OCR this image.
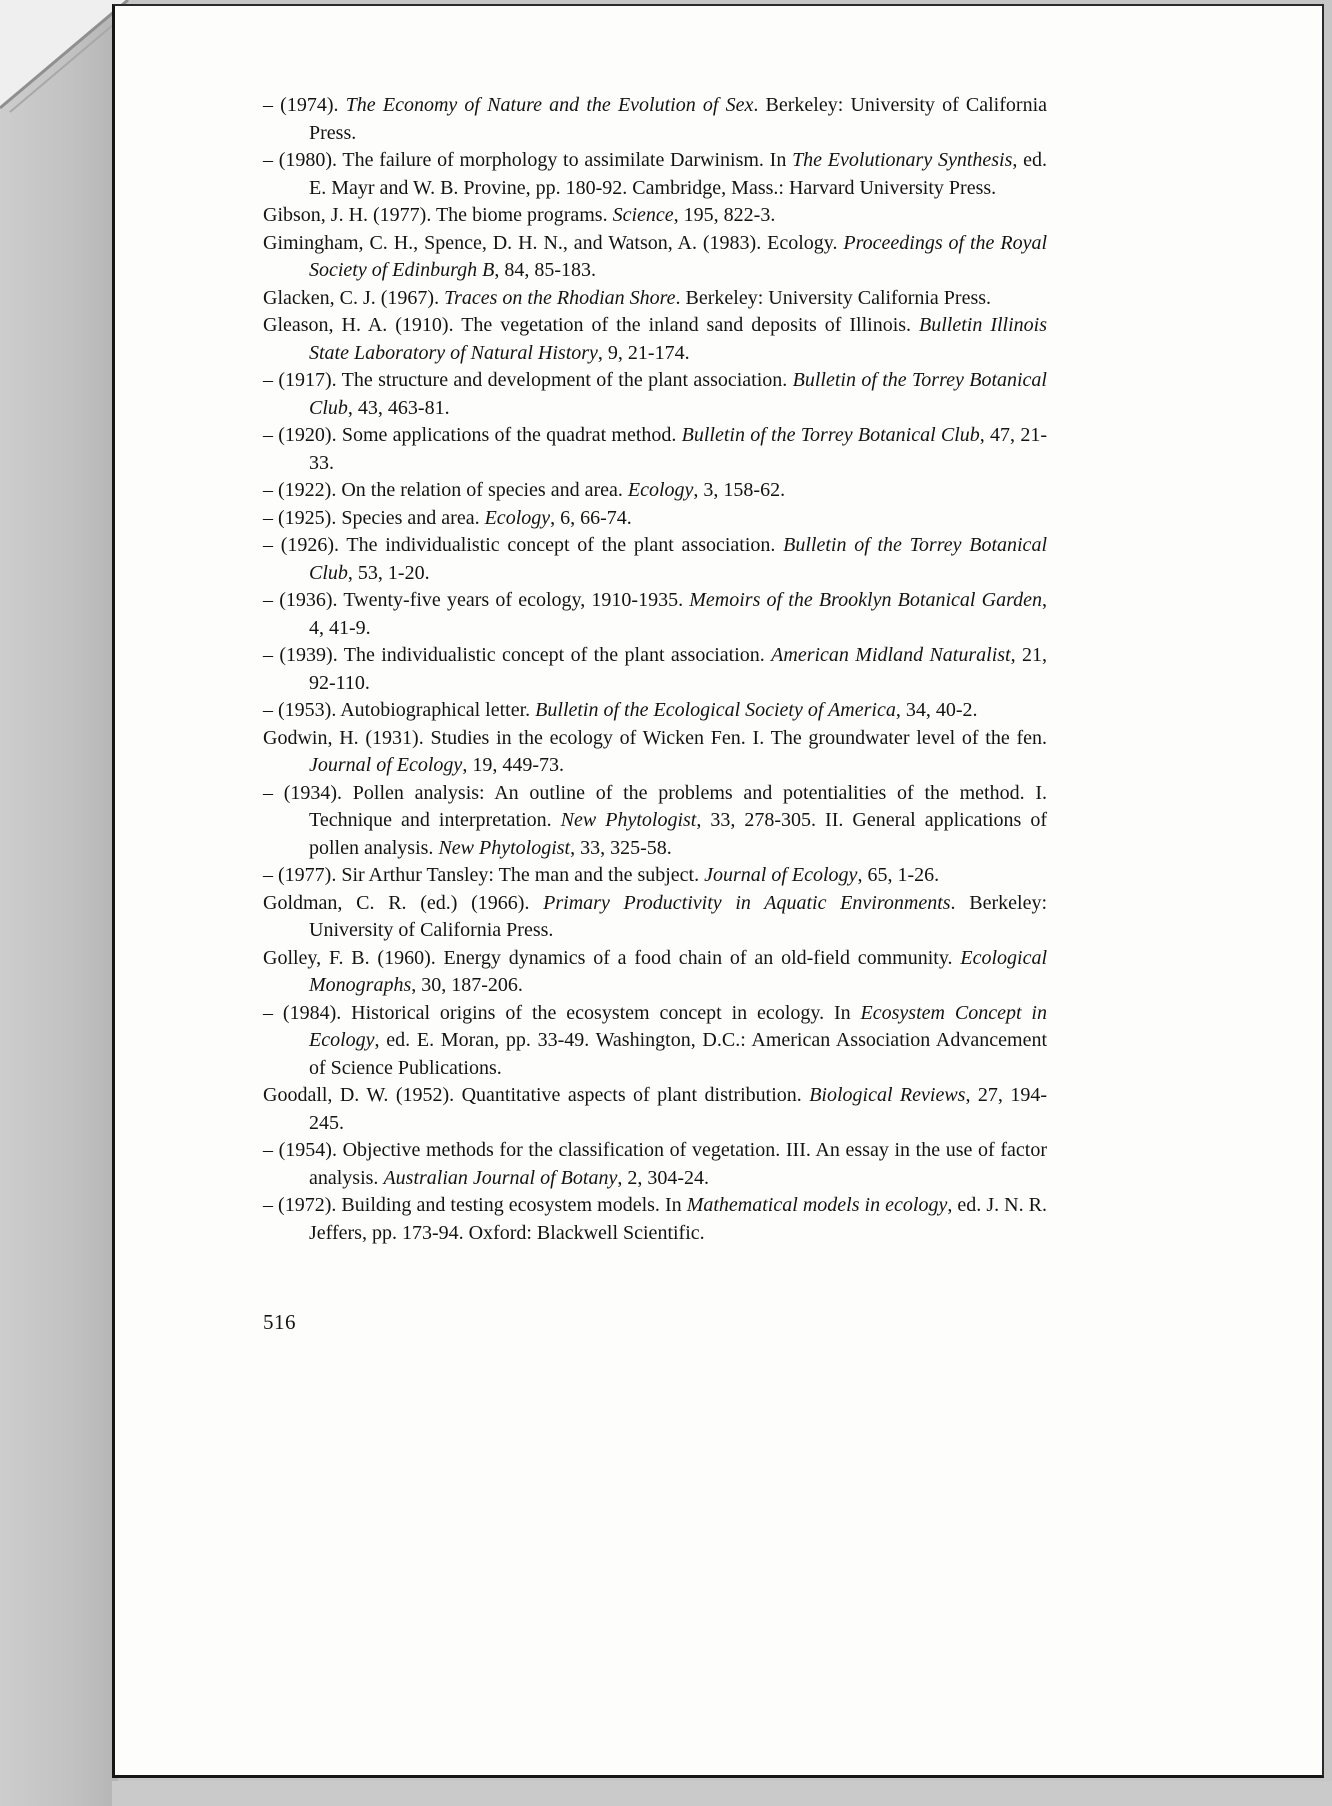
– (1974). The Economy of Nature and the Evolution of Sex. Berkeley: University of California Press.

– (1980). The failure of morphology to assimilate Darwinism. In The Evolutionary Synthesis, ed. E. Mayr and W. B. Provine, pp. 180-92. Cambridge, Mass.: Harvard University Press.

Gibson, J. H. (1977). The biome programs. Science, 195, 822-3.

Gimingham, C. H., Spence, D. H. N., and Watson, A. (1983). Ecology. Proceedings of the Royal Society of Edinburgh B, 84, 85-183.

Glacken, C. J. (1967). Traces on the Rhodian Shore. Berkeley: University California Press.

Gleason, H. A. (1910). The vegetation of the inland sand deposits of Illinois. Bulletin Illinois State Laboratory of Natural History, 9, 21-174.

– (1917). The structure and development of the plant association. Bulletin of the Torrey Botanical Club, 43, 463-81.

– (1920). Some applications of the quadrat method. Bulletin of the Torrey Botanical Club, 47, 21-33.

– (1922). On the relation of species and area. Ecology, 3, 158-62.

– (1925). Species and area. Ecology, 6, 66-74.

– (1926). The individualistic concept of the plant association. Bulletin of the Torrey Botanical Club, 53, 1-20.

– (1936). Twenty-five years of ecology, 1910-1935. Memoirs of the Brooklyn Botanical Garden, 4, 41-9.

– (1939). The individualistic concept of the plant association. American Midland Naturalist, 21, 92-110.

– (1953). Autobiographical letter. Bulletin of the Ecological Society of America, 34, 40-2.

Godwin, H. (1931). Studies in the ecology of Wicken Fen. I. The groundwater level of the fen. Journal of Ecology, 19, 449-73.

– (1934). Pollen analysis: An outline of the problems and potentialities of the method. I. Technique and interpretation. New Phytologist, 33, 278-305. II. General applications of pollen analysis. New Phytologist, 33, 325-58.

– (1977). Sir Arthur Tansley: The man and the subject. Journal of Ecology, 65, 1-26.

Goldman, C. R. (ed.) (1966). Primary Productivity in Aquatic Environments. Berkeley: University of California Press.

Golley, F. B. (1960). Energy dynamics of a food chain of an old-field community. Ecological Monographs, 30, 187-206.

– (1984). Historical origins of the ecosystem concept in ecology. In Ecosystem Concept in Ecology, ed. E. Moran, pp. 33-49. Washington, D.C.: American Association Advancement of Science Publications.

Goodall, D. W. (1952). Quantitative aspects of plant distribution. Biological Reviews, 27, 194-245.

– (1954). Objective methods for the classification of vegetation. III. An essay in the use of factor analysis. Australian Journal of Botany, 2, 304-24.

– (1972). Building and testing ecosystem models. In Mathematical models in ecology, ed. J. N. R. Jeffers, pp. 173-94. Oxford: Blackwell Scientific.

516
